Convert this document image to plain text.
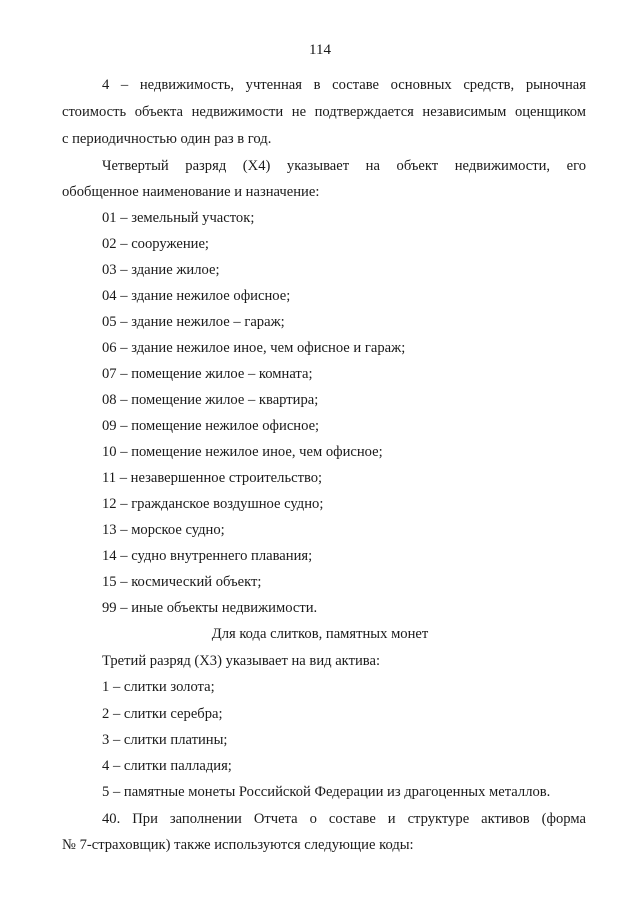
114
4 – недвижимость, учтенная в составе основных средств, рыночная
стоимость объекта недвижимости не подтверждается независимым оценщиком
с периодичностью один раз в год.
Четвертый разряд (Х4) указывает на объект недвижимости, его
обобщенное наименование и назначение:
01 – земельный участок;
02 – сооружение;
03 – здание жилое;
04 – здание нежилое офисное;
05 – здание нежилое – гараж;
06 – здание нежилое иное, чем офисное и гараж;
07 – помещение жилое – комната;
08 – помещение жилое – квартира;
09 – помещение нежилое офисное;
10 – помещение нежилое иное, чем офисное;
11 – незавершенное строительство;
12 – гражданское воздушное судно;
13 – морское судно;
14 – судно внутреннего плавания;
15 – космический объект;
99 – иные объекты недвижимости.
Для кода слитков, памятных монет
Третий разряд (Х3) указывает на вид актива:
1 – слитки золота;
2 – слитки серебра;
3 – слитки платины;
4 – слитки палладия;
5 – памятные монеты Российской Федерации из драгоценных металлов.
40. При заполнении Отчета о составе и структуре активов (форма
№ 7-страховщик) также используются следующие коды:
